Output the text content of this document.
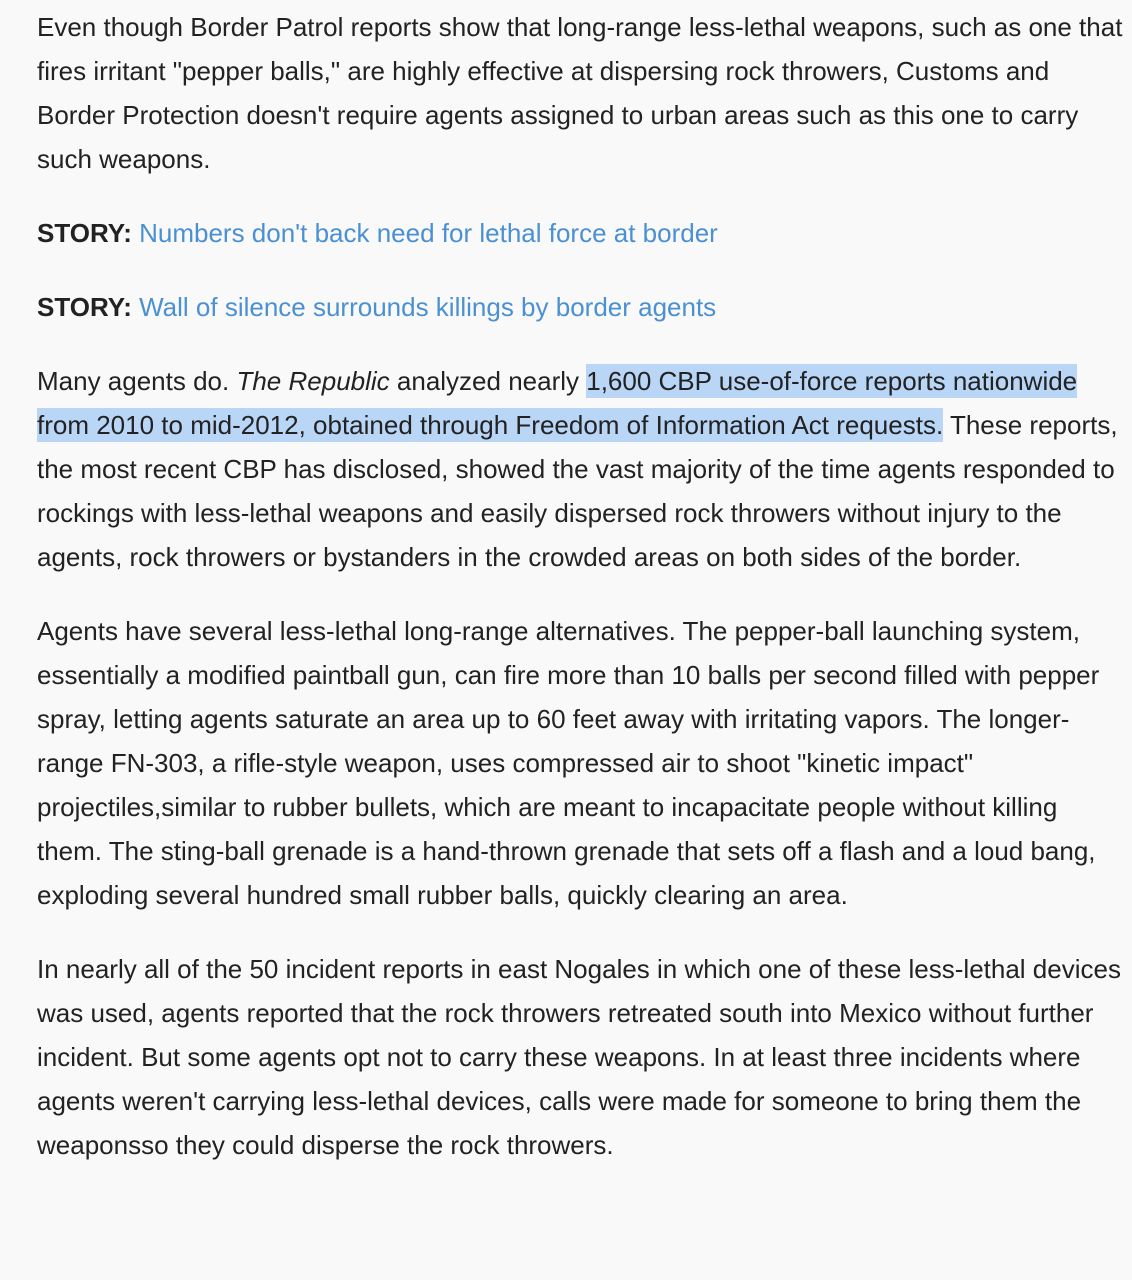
Even though Border Patrol reports show that long-range less-lethal weapons, such as one that fires irritant "pepper balls," are highly effective at dispersing rock throwers, Customs and Border Protection doesn't require agents assigned to urban areas such as this one to carry such weapons.

STORY: Numbers don't back need for lethal force at border

STORY: Wall of silence surrounds killings by border agents

Many agents do. The Republic analyzed nearly 1,600 CBP use-of-force reports nationwide from 2010 to mid-2012, obtained through Freedom of Information Act requests. These reports, the most recent CBP has disclosed, showed the vast majority of the time agents responded to rockings with less-lethal weapons and easily dispersed rock throwers without injury to the agents, rock throwers or bystanders in the crowded areas on both sides of the border.

Agents have several less-lethal long-range alternatives. The pepper-ball launching system, essentially a modified paintball gun, can fire more than 10 balls per second filled with pepper spray, letting agents saturate an area up to 60 feet away with irritating vapors. The longer-range FN-303, a rifle-style weapon, uses compressed air to shoot "kinetic impact" projectiles,similar to rubber bullets, which are meant to incapacitate people without killing them. The sting-ball grenade is a hand-thrown grenade that sets off a flash and a loud bang, exploding several hundred small rubber balls, quickly clearing an area.

In nearly all of the 50 incident reports in east Nogales in which one of these less-lethal devices was used, agents reported that the rock throwers retreated south into Mexico without further incident. But some agents opt not to carry these weapons. In at least three incidents where agents weren't carrying less-lethal devices, calls were made for someone to bring them the weaponsso they could disperse the rock throwers.
